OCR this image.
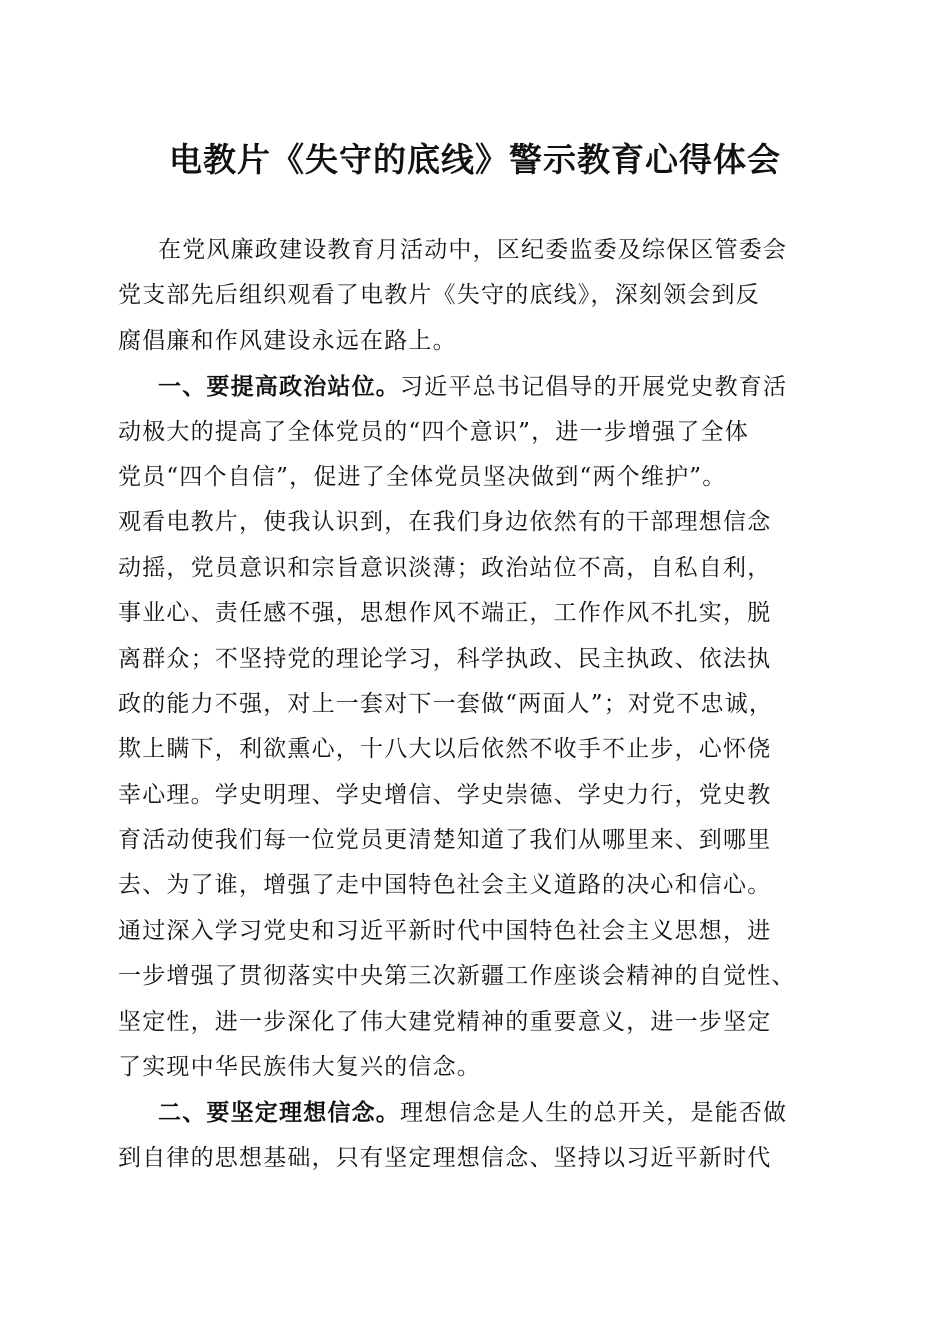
电教片《失守的底线》警示教育心得体会
在党风廉政建设教育月活动中，区纪委监委及综保区管委会
党支部先后组织观看了电教片《失守的底线》，深刻领会到反
腐倡廉和作风建设永远在路上。
一、要提高政治站位。习近平总书记倡导的开展党史教育活
动极大的提高了全体党员的“四个意识”，进一步增强了全体
党员“四个自信”，促进了全体党员坚决做到“两个维护”。
观看电教片，使我认识到，在我们身边依然有的干部理想信念
动摇，党员意识和宗旨意识淡薄；政治站位不高，自私自利，
事业心、责任感不强，思想作风不端正，工作作风不扎实，脱
离群众；不坚持党的理论学习，科学执政、民主执政、依法执
政的能力不强，对上一套对下一套做“两面人”；对党不忠诚，
欺上瞒下，利欲熏心，十八大以后依然不收手不止步，心怀侥
幸心理。学史明理、学史增信、学史崇德、学史力行，党史教
育活动使我们每一位党员更清楚知道了我们从哪里来、到哪里
去、为了谁，增强了走中国特色社会主义道路的决心和信心。
通过深入学习党史和习近平新时代中国特色社会主义思想，进
一步增强了贯彻落实中央第三次新疆工作座谈会精神的自觉性、
坚定性，进一步深化了伟大建党精神的重要意义，进一步坚定
了实现中华民族伟大复兴的信念。
二、要坚定理想信念。理想信念是人生的总开关，是能否做
到自律的思想基础，只有坚定理想信念、坚持以习近平新时代
